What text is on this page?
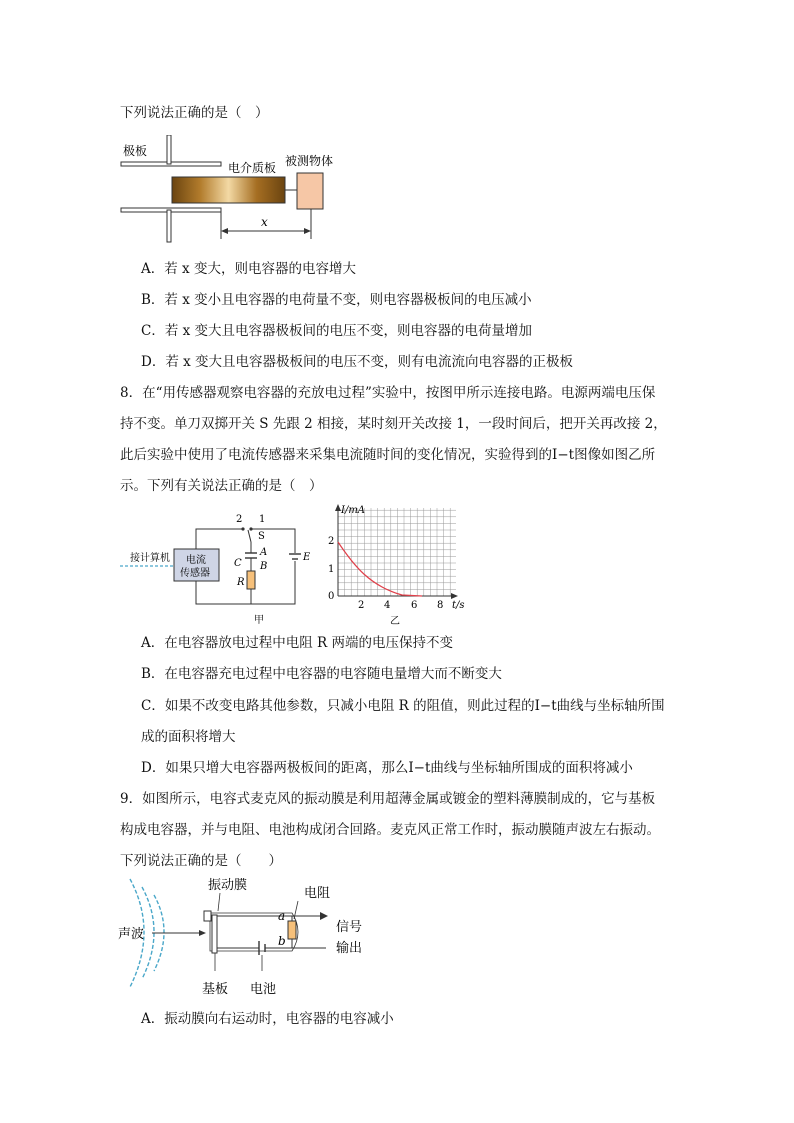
下列说法正确的是（　）
极板
电介质板 被测物体
x
A．若 x 变大，则电容器的电容增大
B．若 x 变小且电容器的电荷量不变，则电容器极板间的电压减小
C．若 x 变大且电容器极板间的电压不变，则电容器的电荷量增加
D．若 x 变大且电容器极板间的电压不变，则有电流流向电容器的正极板
8．在“用传感器观察电容器的充放电过程”实验中，按图甲所示连接电路。电源两端电压保
持不变。单刀双掷开关 S 先跟 2 相接，某时刻开关改接 1，一段时间后，把开关再改接 2，
此后实验中使用了电流传感器来采集电流随时间的变化情况，实验得到的I−t图像如图乙所
示。下列有关说法正确的是（　）
接计算机 电流
传感器
2 1
S
A
B
C
R
E
甲
I/mA
2
1
0
2 4 6 8 t/s
乙
A．在电容器放电过程中电阻 R 两端的电压保持不变
B．在电容器充电过程中电容器的电容随电量增大而不断变大
C．如果不改变电路其他参数，只减小电阻 R 的阻值，则此过程的I−t曲线与坐标轴所围
成的面积将增大
D．如果只增大电容器两极板间的距离，那么I−t曲线与坐标轴所围成的面积将减小
9．如图所示，电容式麦克风的振动膜是利用超薄金属或镀金的塑料薄膜制成的，它与基板
构成电容器，并与电阻、电池构成闭合回路。麦克风正常工作时，振动膜随声波左右振动。
下列说法正确的是（　　）
声波
振动膜
电阻
a
b
信号
输出
基板 电池
A．振动膜向右运动时，电容器的电容减小
